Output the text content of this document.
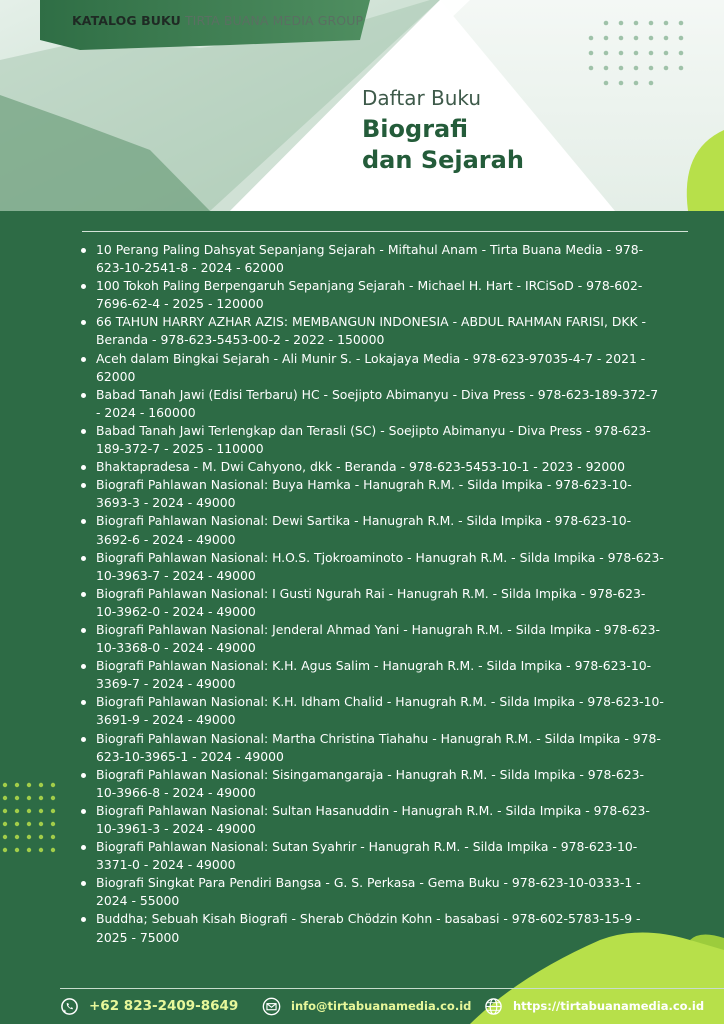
KATALOG BUKU TIRTA BUANA MEDIA GROUP
Daftar Buku
Biografi
dan Sejarah
10 Perang Paling Dahsyat Sepanjang Sejarah - Miftahul Anam - Tirta Buana Media - 978-623-10-2541-8 - 2024 - 62000
100 Tokoh Paling Berpengaruh Sepanjang Sejarah - Michael H. Hart - IRCiSoD - 978-602-7696-62-4 - 2025 - 120000
66 TAHUN HARRY AZHAR AZIS: MEMBANGUN INDONESIA - ABDUL RAHMAN FARISI, DKK - Beranda - 978-623-5453-00-2 - 2022 - 150000
Aceh dalam Bingkai Sejarah - Ali Munir S. - Lokajaya Media - 978-623-97035-4-7 - 2021 - 62000
Babad Tanah Jawi (Edisi Terbaru) HC - Soejipto Abimanyu - Diva Press - 978-623-189-372-7 - 2024 - 160000
Babad Tanah Jawi Terlengkap dan Terasli (SC) - Soejipto Abimanyu - Diva Press - 978-623-189-372-7 - 2025 - 110000
Bhaktapradesa - M. Dwi Cahyono, dkk - Beranda - 978-623-5453-10-1 - 2023 - 92000
Biografi Pahlawan Nasional: Buya Hamka - Hanugrah R.M. - Silda Impika - 978-623-10-3693-3 - 2024 - 49000
Biografi Pahlawan Nasional: Dewi Sartika - Hanugrah R.M. - Silda Impika - 978-623-10-3692-6 - 2024 - 49000
Biografi Pahlawan Nasional: H.O.S. Tjokroaminoto - Hanugrah R.M. - Silda Impika - 978-623-10-3963-7 - 2024 - 49000
Biografi Pahlawan Nasional: I Gusti Ngurah Rai - Hanugrah R.M. - Silda Impika - 978-623-10-3962-0 - 2024 - 49000
Biografi Pahlawan Nasional: Jenderal Ahmad Yani - Hanugrah R.M. - Silda Impika - 978-623-10-3368-0 - 2024 - 49000
Biografi Pahlawan Nasional: K.H. Agus Salim - Hanugrah R.M. - Silda Impika - 978-623-10-3369-7 - 2024 - 49000
Biografi Pahlawan Nasional: K.H. Idham Chalid - Hanugrah R.M. - Silda Impika - 978-623-10-3691-9 - 2024 - 49000
Biografi Pahlawan Nasional: Martha Christina Tiahahu - Hanugrah R.M. - Silda Impika - 978-623-10-3965-1 - 2024 - 49000
Biografi Pahlawan Nasional: Sisingamangaraja - Hanugrah R.M. - Silda Impika - 978-623-10-3966-8 - 2024 - 49000
Biografi Pahlawan Nasional: Sultan Hasanuddin - Hanugrah R.M. - Silda Impika - 978-623-10-3961-3 - 2024 - 49000
Biografi Pahlawan Nasional: Sutan Syahrir - Hanugrah R.M. - Silda Impika - 978-623-10-3371-0 - 2024 - 49000
Biografi Singkat Para Pendiri Bangsa - G. S. Perkasa - Gema Buku - 978-623-10-0333-1 - 2024 - 55000
Buddha; Sebuah Kisah Biografi - Sherab Chödzin Kohn - basabasi - 978-602-5783-15-9 - 2025 - 75000
+62 823-2409-8649	info@tirtabuanamedia.co.id	https://tirtabuanamedia.co.id
